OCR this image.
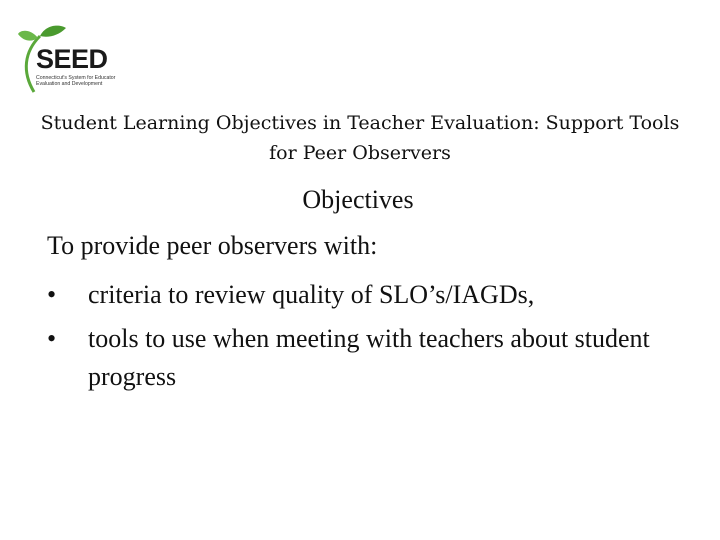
SEED
Connecticut's System for Educator Evaluation and Development
Student Learning Objectives in Teacher Evaluation: Support Tools for Peer Observers
Objectives
To provide peer observers with:
• criteria to review quality of SLO’s/IAGDs,
• tools to use when meeting with teachers about student progress
